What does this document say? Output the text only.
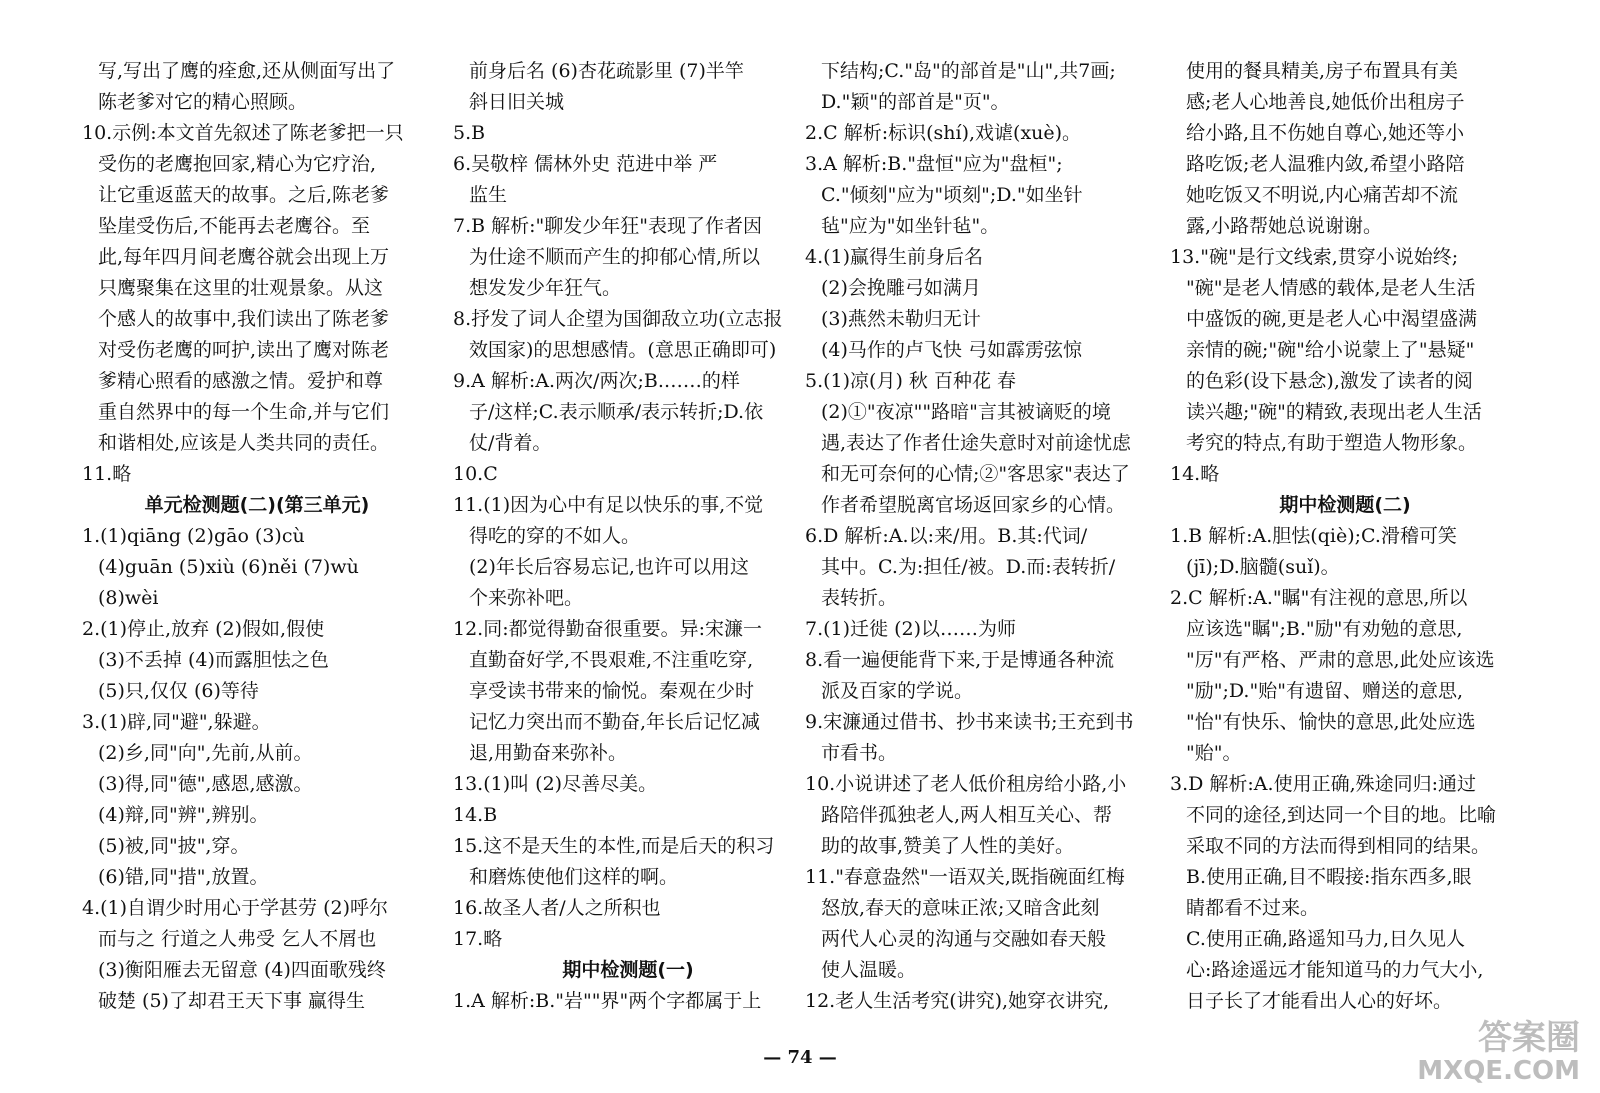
写,写出了鹰的痊愈,还从侧面写出了
陈老爹对它的精心照顾。
10.示例:本文首先叙述了陈老爹把一只
受伤的老鹰抱回家,精心为它疗治,
让它重返蓝天的故事。之后,陈老爹
坠崖受伤后,不能再去老鹰谷。至
此,每年四月间老鹰谷就会出现上万
只鹰聚集在这里的壮观景象。从这
个感人的故事中,我们读出了陈老爹
对受伤老鹰的呵护,读出了鹰对陈老
爹精心照看的感激之情。爱护和尊
重自然界中的每一个生命,并与它们
和谐相处,应该是人类共同的责任。
11.略
单元检测题(二)(第三单元)
1.(1)qiāng (2)gāo (3)cù
(4)guān (5)xiù (6)něi (7)wù
(8)wèi
2.(1)停止,放弃 (2)假如,假使
(3)不丢掉 (4)而露胆怯之色
(5)只,仅仅 (6)等待
3.(1)辟,同"避",躲避。
(2)乡,同"向",先前,从前。
(3)得,同"德",感恩,感激。
(4)辩,同"辨",辨别。
(5)被,同"披",穿。
(6)错,同"措",放置。
4.(1)自谓少时用心于学甚劳 (2)呼尔
而与之 行道之人弗受 乞人不屑也
(3)衡阳雁去无留意 (4)四面歌残终
破楚 (5)了却君王天下事 赢得生
前身后名 (6)杏花疏影里 (7)半竿
斜日旧关城
5.B
6.吴敬梓 儒林外史 范进中举 严
监生
7.B 解析:"聊发少年狂"表现了作者因
为仕途不顺而产生的抑郁心情,所以
想发发少年狂气。
8.抒发了词人企望为国御敌立功(立志报
效国家)的思想感情。(意思正确即可)
9.A 解析:A.两次/两次;B.……的样
子/这样;C.表示顺承/表示转折;D.依
仗/背着。
10.C
11.(1)因为心中有足以快乐的事,不觉
得吃的穿的不如人。
(2)年长后容易忘记,也许可以用这
个来弥补吧。
12.同:都觉得勤奋很重要。异:宋濂一
直勤奋好学,不畏艰难,不注重吃穿,
享受读书带来的愉悦。秦观在少时
记忆力突出而不勤奋,年长后记忆减
退,用勤奋来弥补。
13.(1)叫 (2)尽善尽美。
14.B
15.这不是天生的本性,而是后天的积习
和磨炼使他们这样的啊。
16.故圣人者/人之所积也
17.略
期中检测题(一)
1.A 解析:B."岩""界"两个字都属于上
下结构;C."岛"的部首是"山",共7画;
D."颖"的部首是"页"。
2.C 解析:标识(shí),戏谑(xuè)。
3.A 解析:B."盘恒"应为"盘桓";
C."倾刻"应为"顷刻";D."如坐针
毡"应为"如坐针毡"。
4.(1)赢得生前身后名
(2)会挽雕弓如满月
(3)燕然未勒归无计
(4)马作的卢飞快 弓如霹雳弦惊
5.(1)凉(月) 秋 百种花 春
(2)①"夜凉""路暗"言其被谪贬的境
遇,表达了作者仕途失意时对前途忧虑
和无可奈何的心情;②"客思家"表达了
作者希望脱离官场返回家乡的心情。
6.D 解析:A.以:来/用。B.其:代词/
其中。C.为:担任/被。D.而:表转折/
表转折。
7.(1)迁徙 (2)以……为师
8.看一遍便能背下来,于是博通各种流
派及百家的学说。
9.宋濂通过借书、抄书来读书;王充到书
市看书。
10.小说讲述了老人低价租房给小路,小
路陪伴孤独老人,两人相互关心、帮
助的故事,赞美了人性的美好。
11."春意盎然"一语双关,既指碗面红梅
怒放,春天的意味正浓;又暗含此刻
两代人心灵的沟通与交融如春天般
使人温暖。
12.老人生活考究(讲究),她穿衣讲究,
使用的餐具精美,房子布置具有美
感;老人心地善良,她低价出租房子
给小路,且不伤她自尊心,她还等小
路吃饭;老人温雅内敛,希望小路陪
她吃饭又不明说,内心痛苦却不流
露,小路帮她总说谢谢。
13."碗"是行文线索,贯穿小说始终;
"碗"是老人情感的载体,是老人生活
中盛饭的碗,更是老人心中渴望盛满
亲情的碗;"碗"给小说蒙上了"悬疑"
的色彩(设下悬念),激发了读者的阅
读兴趣;"碗"的精致,表现出老人生活
考究的特点,有助于塑造人物形象。
14.略
期中检测题(二)
1.B 解析:A.胆怯(qiè);C.滑稽可笑
(jī);D.脑髓(suǐ)。
2.C 解析:A."瞩"有注视的意思,所以
应该选"瞩";B."励"有劝勉的意思,
"厉"有严格、严肃的意思,此处应该选
"励";D."贻"有遗留、赠送的意思,
"怡"有快乐、愉快的意思,此处应选
"贻"。
3.D 解析:A.使用正确,殊途同归:通过
不同的途径,到达同一个目的地。比喻
采取不同的方法而得到相同的结果。
B.使用正确,目不暇接:指东西多,眼
睛都看不过来。
C.使用正确,路遥知马力,日久见人
心:路途遥远才能知道马的力气大小,
日子长了才能看出人心的好坏。
— 74 —	答案圈
MXQE.COM
